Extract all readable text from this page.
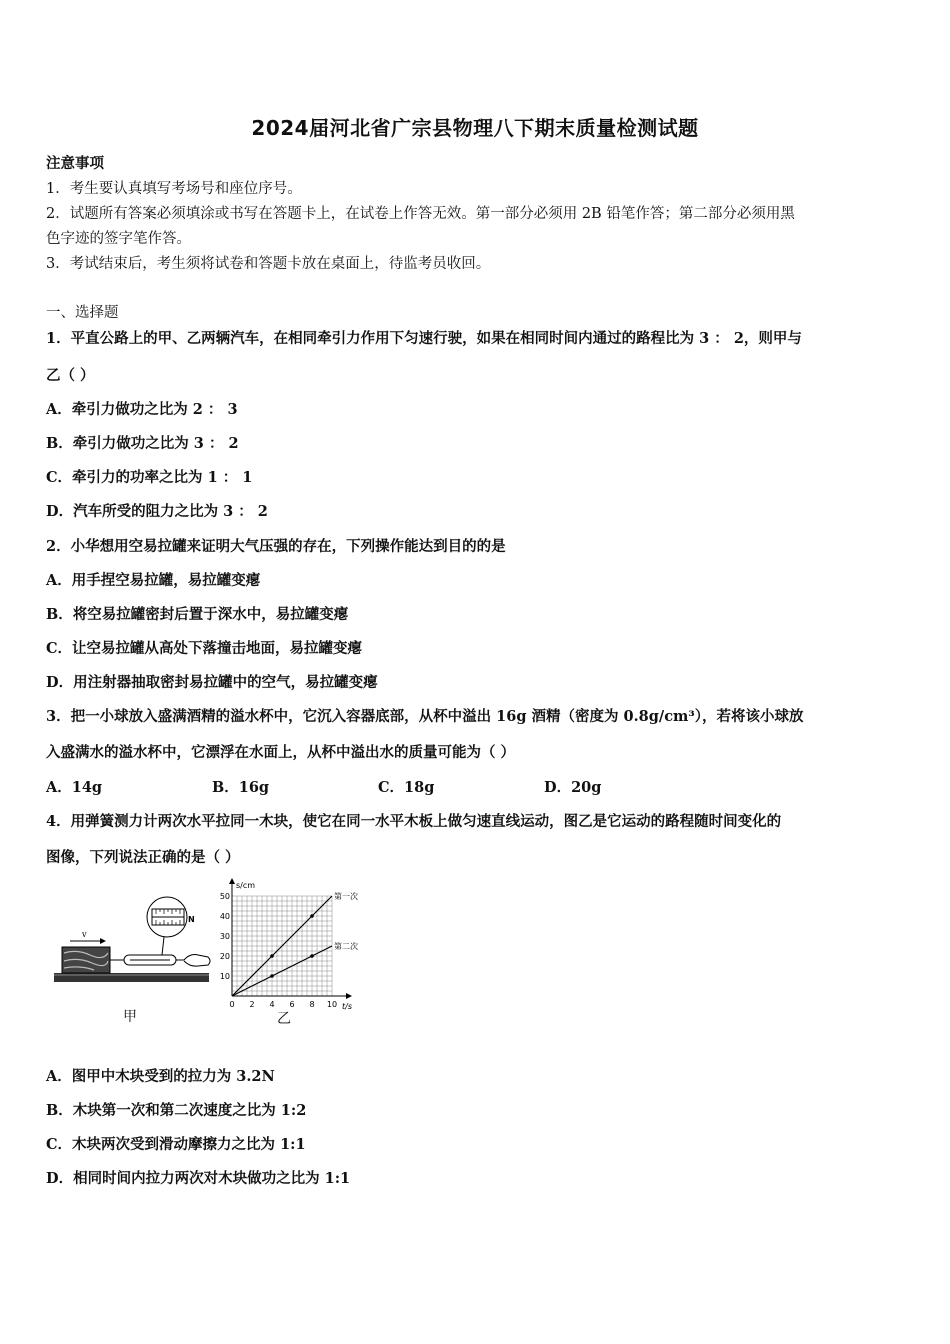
2024届河北省广宗县物理八下期末质量检测试题
注意事项
1．考生要认真填写考场号和座位序号。
2．试题所有答案必须填涂或书写在答题卡上，在试卷上作答无效。第一部分必须用 2B 铅笔作答；第二部分必须用黑
色字迹的签字笔作答。
3．考试结束后，考生须将试卷和答题卡放在桌面上，待监考员收回。
一、选择题
1．平直公路上的甲、乙两辆汽车，在相同牵引力作用下匀速行驶，如果在相同时间内通过的路程比为 3 ： 2，则甲与
乙（ ）
A．牵引力做功之比为 2 ： 3
B．牵引力做功之比为 3 ： 2
C．牵引力的功率之比为 1 ： 1
D．汽车所受的阻力之比为 3 ： 2
2．小华想用空易拉罐来证明大气压强的存在，下列操作能达到目的的是
A．用手捏空易拉罐，易拉罐变瘪
B．将空易拉罐密封后置于深水中，易拉罐变瘪
C．让空易拉罐从高处下落撞击地面，易拉罐变瘪
D．用注射器抽取密封易拉罐中的空气，易拉罐变瘪
3．把一小球放入盛满酒精的溢水杯中，它沉入容器底部，从杯中溢出 16g 酒精（密度为 0.8g/cm³），若将该小球放
入盛满水的溢水杯中，它漂浮在水面上，从杯中溢出水的质量可能为（ ）
A．14g	B．16g	C．18g	D．20g
4．用弹簧测力计两次水平拉同一木块，使它在同一水平木板上做匀速直线运动，图乙是它运动的路程随时间变化的
图像，下列说法正确的是（ ）
v
N
甲
s/cm
t/s
0 2 4 6 8 10
10
20
30
40
50	第一次
第二次
乙
A．图甲中木块受到的拉力为 3.2N
B．木块第一次和第二次速度之比为 1:2
C．木块两次受到滑动摩擦力之比为 1:1
D．相同时间内拉力两次对木块做功之比为 1:1
